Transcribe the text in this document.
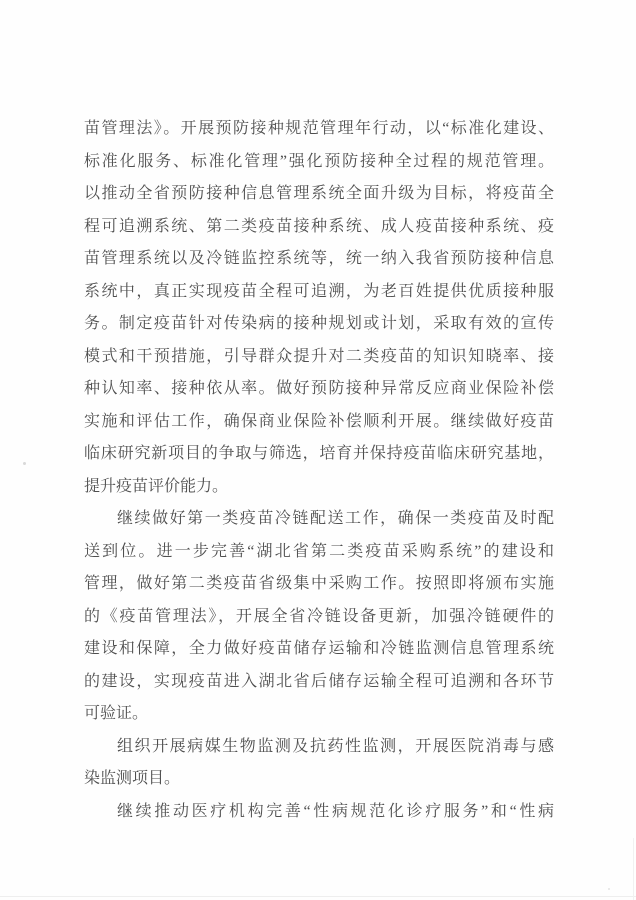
苗管理法》。开展预防接种规范管理年行动，以“标准化建设、
标准化服务、标准化管理”强化预防接种全过程的规范管理。
以推动全省预防接种信息管理系统全面升级为目标，将疫苗全
程可追溯系统、第二类疫苗接种系统、成人疫苗接种系统、疫
苗管理系统以及冷链监控系统等，统一纳入我省预防接种信息
系统中，真正实现疫苗全程可追溯，为老百姓提供优质接种服
务。制定疫苗针对传染病的接种规划或计划，采取有效的宣传
模式和干预措施，引导群众提升对二类疫苗的知识知晓率、接
种认知率、接种依从率。做好预防接种异常反应商业保险补偿
实施和评估工作，确保商业保险补偿顺利开展。继续做好疫苗
临床研究新项目的争取与筛选，培育并保持疫苗临床研究基地，
提升疫苗评价能力。
继续做好第一类疫苗冷链配送工作，确保一类疫苗及时配
送到位。进一步完善“湖北省第二类疫苗采购系统”的建设和
管理，做好第二类疫苗省级集中采购工作。按照即将颁布实施
的《疫苗管理法》，开展全省冷链设备更新，加强冷链硬件的
建设和保障，全力做好疫苗储存运输和冷链监测信息管理系统
的建设，实现疫苗进入湖北省后储存运输全程可追溯和各环节
可验证。
组织开展病媒生物监测及抗药性监测，开展医院消毒与感
染监测项目。
继续推动医疗机构完善“性病规范化诊疗服务”和“性病
